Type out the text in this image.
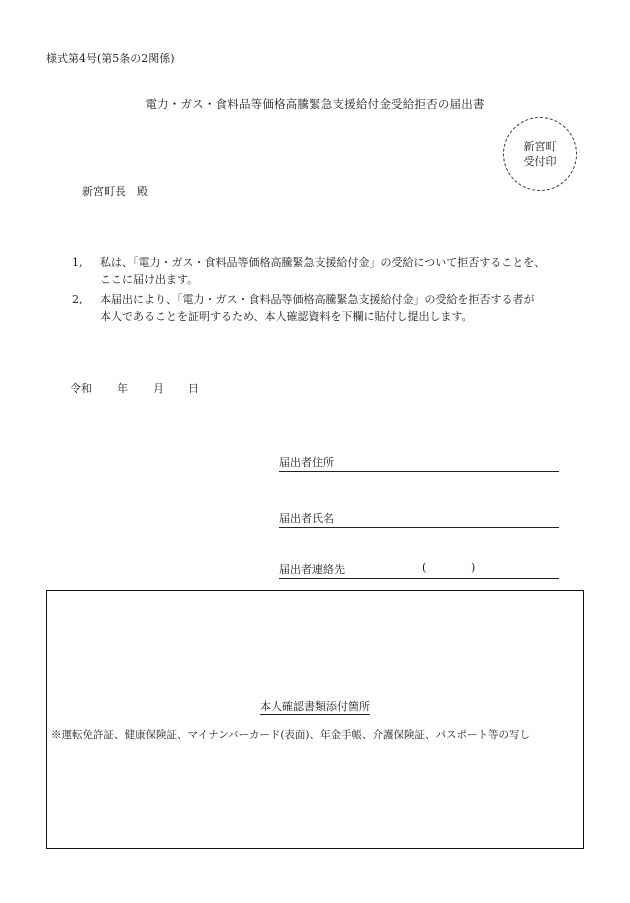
様式第4号(第5条の2関係)
電力・ガス・食料品等価格高騰緊急支援給付金受給拒否の届出書
新宮町
受付印
新宮町長　殿
1, 私は、「電力・ガス・食料品等価格高騰緊急支援給付金」の受給について拒否することを、
ここに届け出ます。
2, 本届出により、「電力・ガス・食料品等価格高騰緊急支援給付金」の受給を拒否する者が
本人であることを証明するため、本人確認資料を下欄に貼付し提出します。
令和 年 月 日
届出者住所
届出者氏名
届出者連絡先	(	)
本人確認書類添付箇所
※運転免許証、健康保険証、マイナンバーカード(表面)、年金手帳、介護保険証、パスポート等の写し
